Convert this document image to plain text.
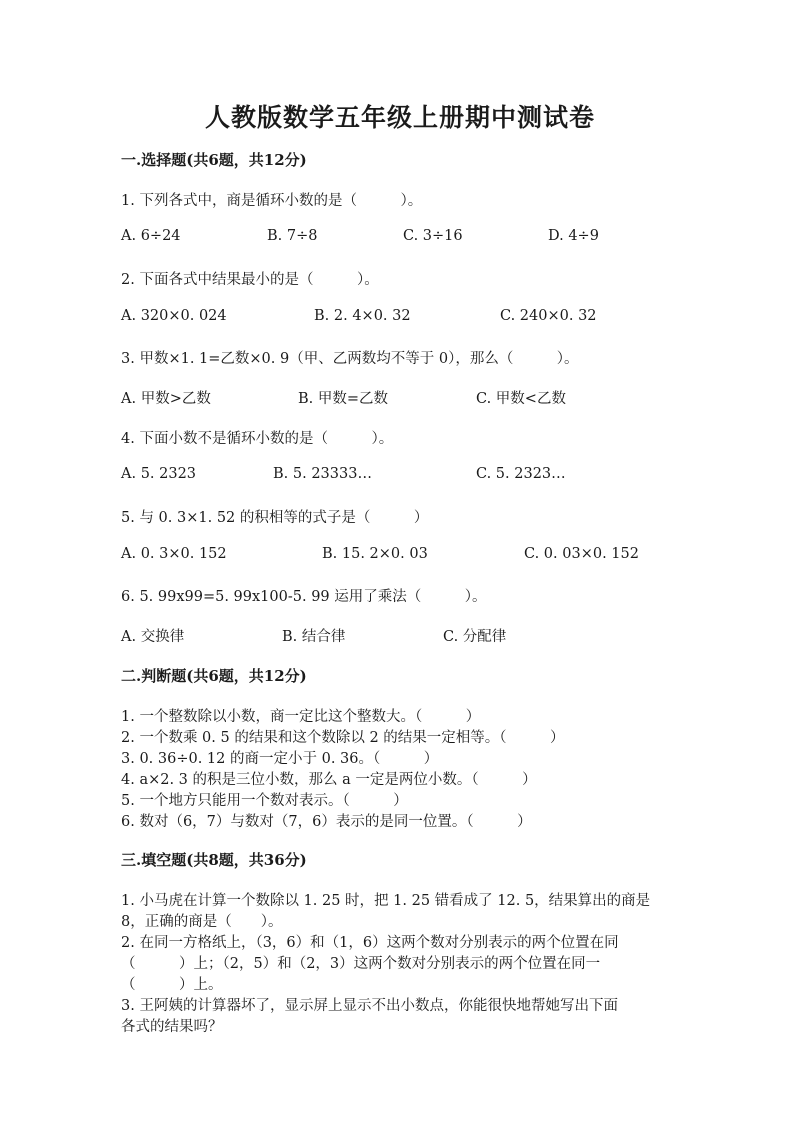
人教版数学五年级上册期中测试卷
一.选择题(共6题，共12分)
1. 下列各式中，商是循环小数的是（　　　）。
A. 6÷24	B. 7÷8	C. 3÷16	D. 4÷9
2. 下面各式中结果最小的是（　　　）。
A. 320×0. 024	B. 2. 4×0. 32	C. 240×0. 32
3. 甲数×1. 1=乙数×0. 9（甲、乙两数均不等于 0），那么（　　　）。
A. 甲数>乙数	B. 甲数=乙数	C. 甲数<乙数
4. 下面小数不是循环小数的是（　　　）。
A. 5. 2323	B. 5. 23333…	C. 5. 2323…
5. 与 0. 3×1. 52 的积相等的式子是（　　　）
A. 0. 3×0. 152	B. 15. 2×0. 03	C. 0. 03×0. 152
6. 5. 99x99=5. 99x100-5. 99 运用了乘法（　　　）。
A. 交换律	B. 结合律	C. 分配律
二.判断题(共6题，共12分)
1. 一个整数除以小数，商一定比这个整数大。（　　　）
2. 一个数乘 0. 5 的结果和这个数除以 2 的结果一定相等。（　　　）
3. 0. 36÷0. 12 的商一定小于 0. 36。（　　　）
4. a×2. 3 的积是三位小数，那么 a 一定是两位小数。（　　　）
5. 一个地方只能用一个数对表示。（　　　）
6. 数对（6，7）与数对（7，6）表示的是同一位置。（　　　）
三.填空题(共8题，共36分)
1. 小马虎在计算一个数除以 1. 25 时，把 1. 25 错看成了 12. 5，结果算出的商是
8，正确的商是（　　）。
2. 在同一方格纸上，（3，6）和（1，6）这两个数对分别表示的两个位置在同
（　　　）上；（2，5）和（2，3）这两个数对分别表示的两个位置在同一
（　　　）上。
3. 王阿姨的计算器坏了，显示屏上显示不出小数点，你能很快地帮她写出下面
各式的结果吗？
